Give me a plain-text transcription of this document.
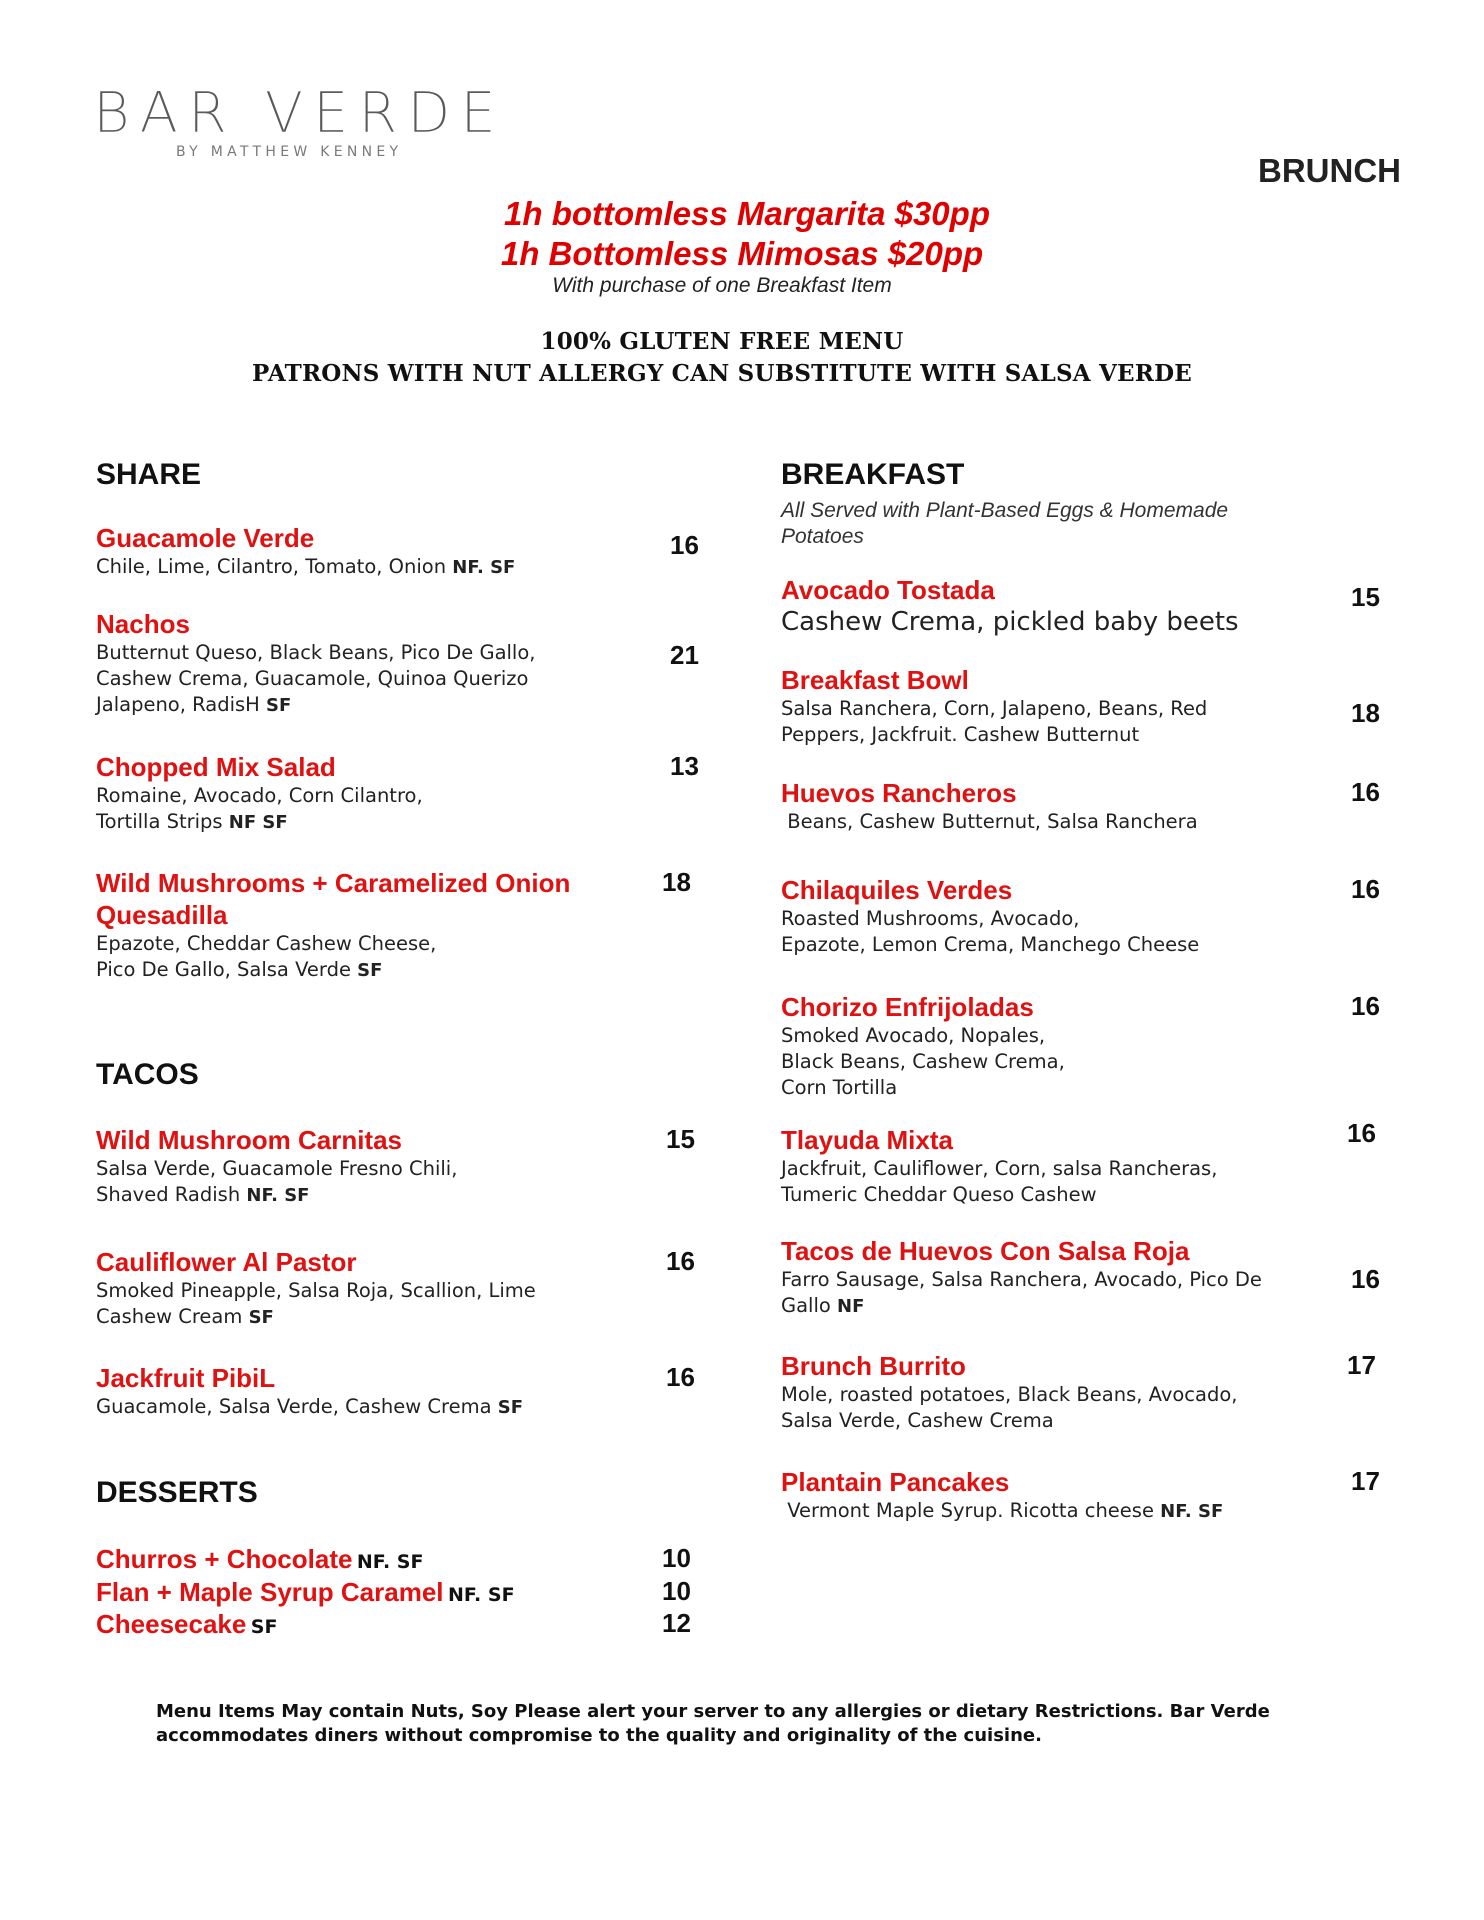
BAR VERDE
BY MATTHEW KENNEY	BRUNCH
1h bottomless Margarita $30pp
1h Bottomless Mimosas $20pp
With purchase of one Breakfast Item
100% GLUTEN FREE MENU
PATRONS WITH NUT ALLERGY CAN SUBSTITUTE WITH SALSA VERDE
SHARE
Guacamole Verde
Chile, Lime, Cilantro, Tomato, Onion NF. SF
16
Nachos
Butternut Queso, Black Beans, Pico De Gallo,
Cashew Crema, Guacamole, Quinoa Querizo
Jalapeno, RadisH SF
21
Chopped Mix Salad
Romaine, Avocado, Corn Cilantro,
Tortilla Strips NF SF
13
Wild Mushrooms + Caramelized Onion Quesadilla
Epazote, Cheddar Cashew Cheese,
Pico De Gallo, Salsa Verde SF
18
TACOS
Wild Mushroom Carnitas
Salsa Verde, Guacamole Fresno Chili,
Shaved Radish NF. SF
15
Cauliflower Al Pastor
Smoked Pineapple, Salsa Roja, Scallion, Lime
Cashew Cream SF
16
Jackfruit PibiL
Guacamole, Salsa Verde, Cashew Crema SF
16
DESSERTS
Churros + Chocolate NF. SF	10
Flan + Maple Syrup Caramel NF. SF	10
Cheesecake SF	12
BREAKFAST
All Served with Plant-Based Eggs & Homemade Potatoes
Avocado Tostada
Cashew Crema, pickled baby beets
15
Breakfast Bowl
Salsa Ranchera, Corn, Jalapeno, Beans, Red
Peppers, Jackfruit. Cashew Butternut
18
Huevos Rancheros
Beans, Cashew Butternut, Salsa Ranchera
16
Chilaquiles Verdes
Roasted Mushrooms, Avocado,
Epazote, Lemon Crema, Manchego Cheese
16
Chorizo Enfrijoladas
Smoked Avocado, Nopales,
Black Beans, Cashew Crema,
Corn Tortilla
16
Tlayuda Mixta
Jackfruit, Cauliflower, Corn, salsa Rancheras,
Tumeric Cheddar Queso Cashew
16
Tacos de Huevos Con Salsa Roja
Farro Sausage, Salsa Ranchera, Avocado, Pico De
Gallo NF
16
Brunch Burrito
Mole, roasted potatoes, Black Beans, Avocado,
Salsa Verde, Cashew Crema
17
Plantain Pancakes
Vermont Maple Syrup. Ricotta cheese NF. SF
17
Menu Items May contain Nuts, Soy Please alert your server to any allergies or dietary Restrictions. Bar Verde accommodates diners without compromise to the quality and originality of the cuisine.
